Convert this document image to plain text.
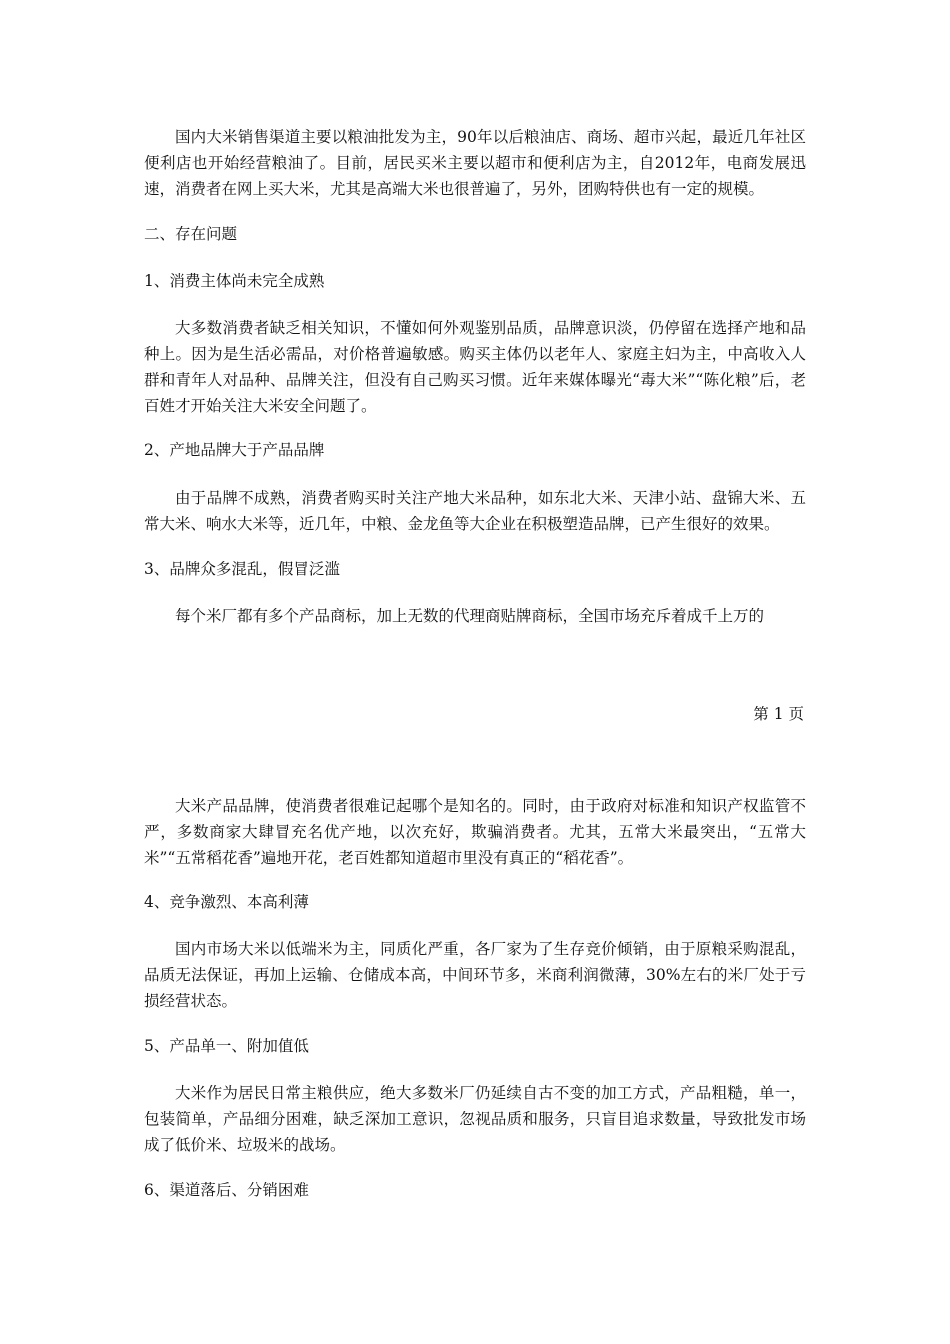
国内大米销售渠道主要以粮油批发为主，90年以后粮油店、商场、超市兴起，最近几年社区便利店也开始经营粮油了。目前，居民买米主要以超市和便利店为主，自2012年，电商发展迅速，消费者在网上买大米，尤其是高端大米也很普遍了，另外，团购特供也有一定的规模。

二、存在问题

1、消费主体尚未完全成熟

大多数消费者缺乏相关知识，不懂如何外观鉴别品质，品牌意识淡，仍停留在选择产地和品种上。因为是生活必需品，对价格普遍敏感。购买主体仍以老年人、家庭主妇为主，中高收入人群和青年人对品种、品牌关注，但没有自己购买习惯。近年来媒体曝光“毒大米”“陈化粮”后，老百姓才开始关注大米安全问题了。

2、产地品牌大于产品品牌

由于品牌不成熟，消费者购买时关注产地大米品种，如东北大米、天津小站、盘锦大米、五常大米、响水大米等，近几年，中粮、金龙鱼等大企业在积极塑造品牌，已产生很好的效果。

3、品牌众多混乱，假冒泛滥

每个米厂都有多个产品商标，加上无数的代理商贴牌商标，全国市场充斥着成千上万的

第 1 页

大米产品品牌，使消费者很难记起哪个是知名的。同时，由于政府对标准和知识产权监管不严，多数商家大肆冒充名优产地，以次充好，欺骗消费者。尤其，五常大米最突出，“五常大米”“五常稻花香”遍地开花，老百姓都知道超市里没有真正的“稻花香”。

4、竞争激烈、本高利薄

国内市场大米以低端米为主，同质化严重，各厂家为了生存竞价倾销，由于原粮采购混乱，品质无法保证，再加上运输、仓储成本高，中间环节多，米商利润微薄，30%左右的米厂处于亏损经营状态。

5、产品单一、附加值低

大米作为居民日常主粮供应，绝大多数米厂仍延续自古不变的加工方式，产品粗糙，单一，包装简单，产品细分困难，缺乏深加工意识，忽视品质和服务，只盲目追求数量，导致批发市场成了低价米、垃圾米的战场。

6、渠道落后、分销困难
